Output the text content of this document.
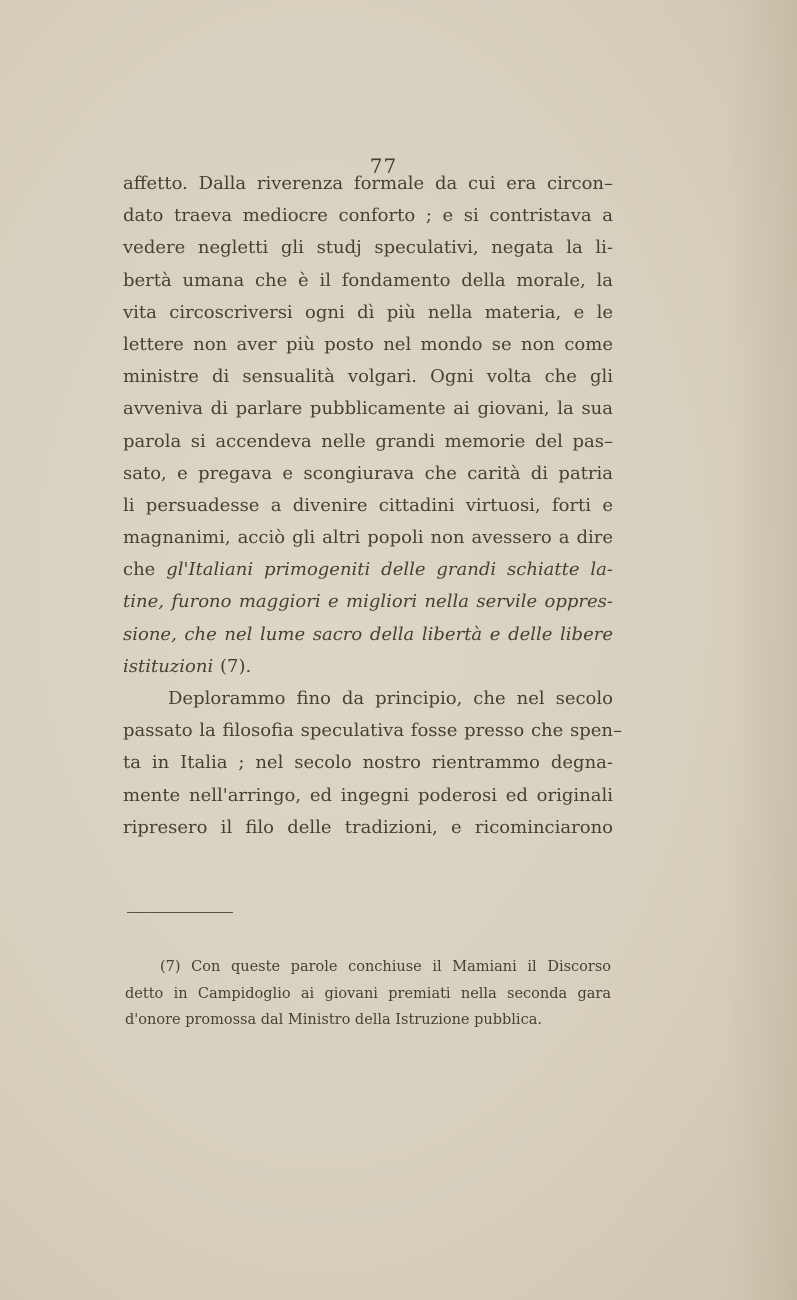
77
affetto. Dalla riverenza formale da cui era circon–
dato traeva mediocre conforto ; e si contristava a
vedere negletti gli studj speculativi, negata la li-
bertà umana che è il fondamento della morale, la
vita circoscriversi ogni dì più nella materia, e le
lettere non aver più posto nel mondo se non come
ministre di sensualità volgari. Ogni volta che gli
avveniva di parlare pubblicamente ai giovani, la sua
parola si accendeva nelle grandi memorie del pas–
sato, e pregava e scongiurava che carità di patria
li persuadesse a divenire cittadini virtuosi, forti e
magnanimi, acciò gli altri popoli non avessero a dire
che gl'Italiani primogeniti delle grandi schiatte la-
tine, furono maggiori e migliori nella servile oppres-
sione, che nel lume sacro della libertà e delle libere
istituzioni (7).
Deplorammo fino da principio, che nel secolo
passato la filosofia speculativa fosse presso che spen–
ta in Italia ; nel secolo nostro rientrammo degna-
mente nell'arringo, ed ingegni poderosi ed originali
ripresero il filo delle tradizioni, e ricominciarono
(7) Con queste parole conchiuse il Mamiani il Discorso
detto in Campidoglio ai giovani premiati nella seconda gara
d'onore promossa dal Ministro della Istruzione pubblica.
